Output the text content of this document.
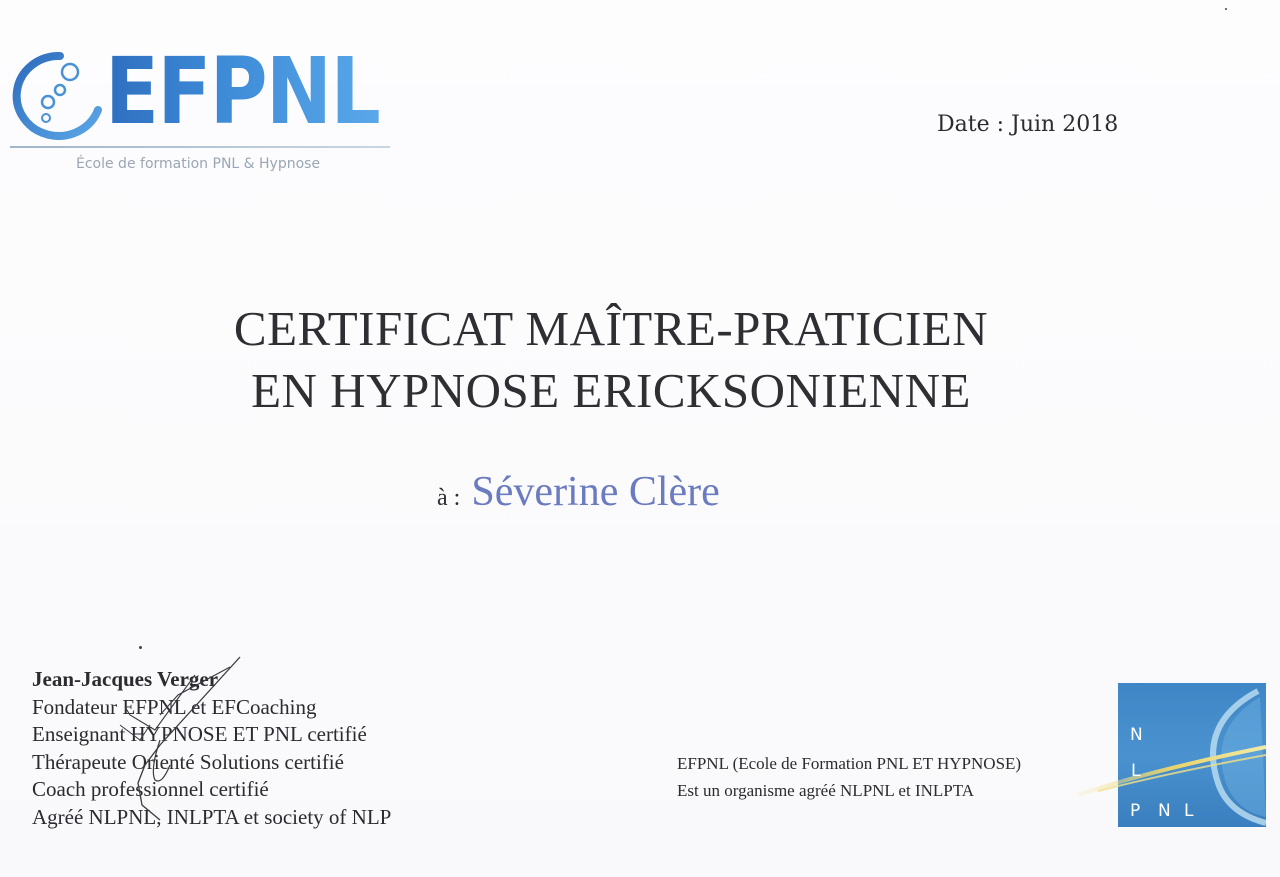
EFPNL
École de formation PNL & Hypnose
Date : Juin 2018
CERTIFICAT MAÎTRE-PRATICIEN
EN HYPNOSE ERICKSONIENNE
à : Séverine Clère
Jean-Jacques Verger
Fondateur EFPNL et EFCoaching
Enseignant HYPNOSE ET PNL certifié
Thérapeute Orienté Solutions certifié
Coach professionnel certifié
Agréé NLPNL, INLPTA et society of NLP
EFPNL (Ecole de Formation PNL ET HYPNOSE)
Est un organisme agréé NLPNL et INLPTA
N
L
P N L
